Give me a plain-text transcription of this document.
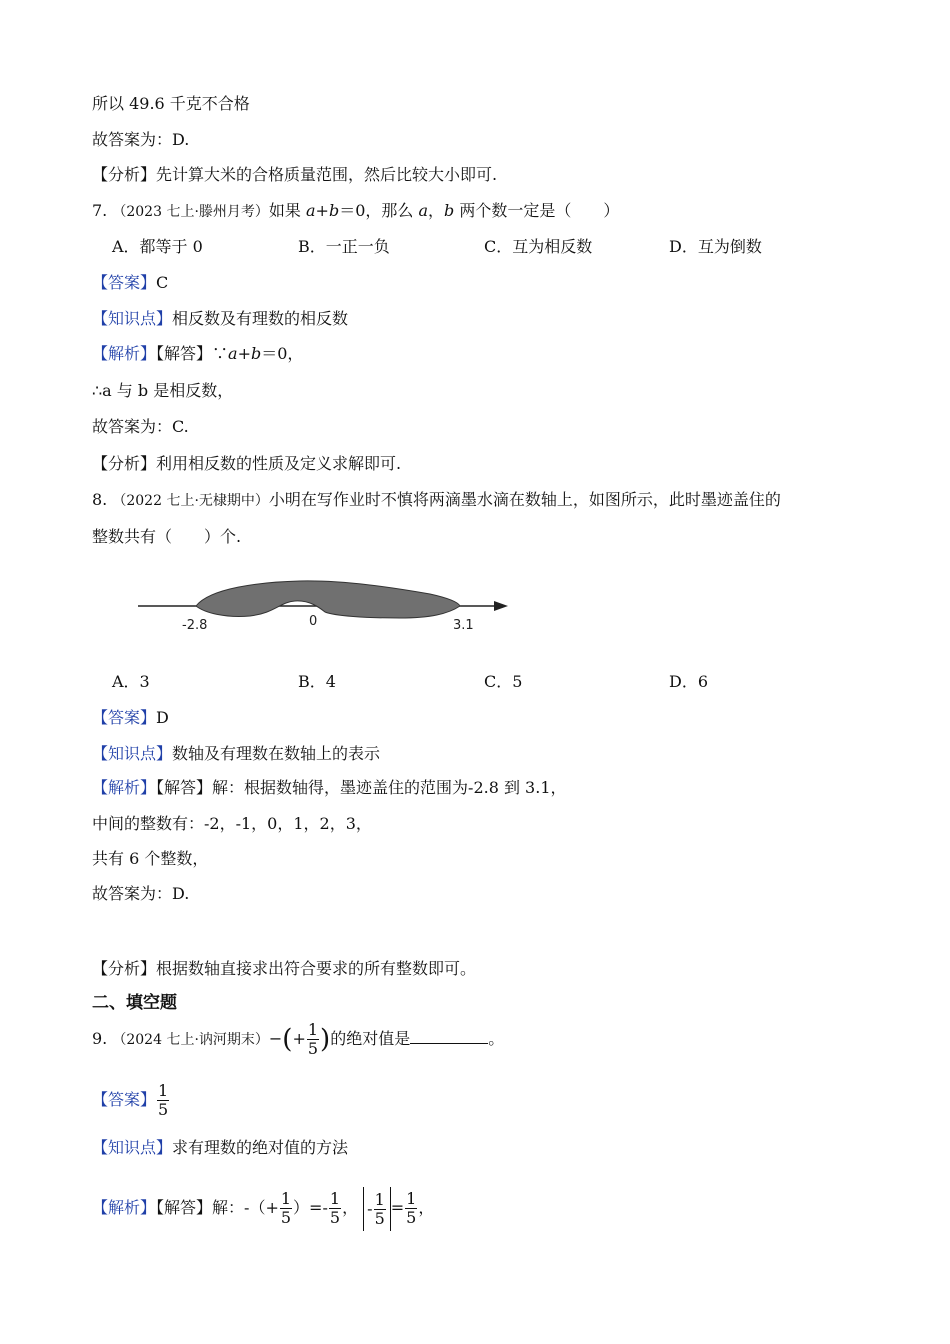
所以 49.6 千克不合格
故答案为：D.
【分析】先计算大米的合格质量范围，然后比较大小即可.
7. （2023 七上·滕州月考）如果 a+b＝0，那么 a，b 两个数一定是（　　）
A．都等于 0	B．一正一负	C．互为相反数	D．互为倒数
【答案】C
【知识点】相反数及有理数的相反数
【解析】【解答】∵a+b＝0，
∴a 与 b 是相反数，
故答案为：C.
【分析】利用相反数的性质及定义求解即可.
8. （2022 七上·无棣期中）小明在写作业时不慎将两滴墨水滴在数轴上，如图所示，此时墨迹盖住的
整数共有（　　）个.
-2.8	0	3.1
A．3	B．4	C．5	D．6
【答案】D
【知识点】数轴及有理数在数轴上的表示
【解析】【解答】解：根据数轴得，墨迹盖住的范围为-2.8 到 3.1，
中间的整数有：-2，-1，0，1，2，3，
共有 6 个整数，
故答案为：D.
【分析】根据数轴直接求出符合要求的所有整数即可。
二、填空题
9. （2024 七上·讷河期末）−(+ $\frac{1}{5}$ )的绝对值是	。
【答案】 $\frac{1}{5}$
【知识点】求有理数的绝对值的方法
【解析】【解答】解：-（+ $\frac{1}{5}$ ）=- $\frac{1}{5}$ ， - $\frac{1}{5} = \frac{1}{5}$ ，
